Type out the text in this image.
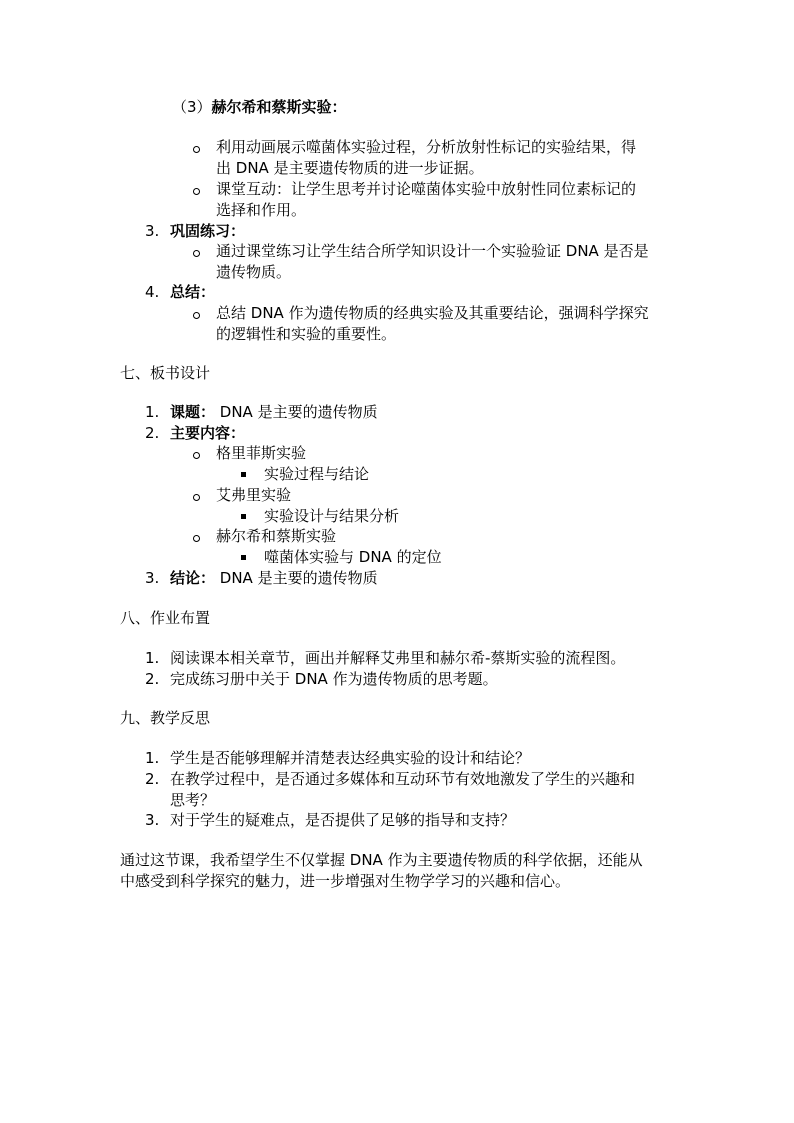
（3）赫尔希和蔡斯实验：
利用动画展示噬菌体实验过程，分析放射性标记的实验结果，得
出 DNA 是主要遗传物质的进一步证据。
课堂互动：让学生思考并讨论噬菌体实验中放射性同位素标记的
选择和作用。
3. 巩固练习：
通过课堂练习让学生结合所学知识设计一个实验验证 DNA 是否是
遗传物质。
4. 总结：
总结 DNA 作为遗传物质的经典实验及其重要结论，强调科学探究
的逻辑性和实验的重要性。
七、板书设计
1. 课题： DNA 是主要的遗传物质
2. 主要内容：
格里菲斯实验
实验过程与结论
艾弗里实验
实验设计与结果分析
赫尔希和蔡斯实验
噬菌体实验与 DNA 的定位
3. 结论： DNA 是主要的遗传物质
八、作业布置
1. 阅读课本相关章节，画出并解释艾弗里和赫尔希-蔡斯实验的流程图。
2. 完成练习册中关于 DNA 作为遗传物质的思考题。
九、教学反思
1. 学生是否能够理解并清楚表达经典实验的设计和结论？
2. 在教学过程中，是否通过多媒体和互动环节有效地激发了学生的兴趣和
思考？
3. 对于学生的疑难点，是否提供了足够的指导和支持？
通过这节课，我希望学生不仅掌握 DNA 作为主要遗传物质的科学依据，还能从
中感受到科学探究的魅力，进一步增强对生物学学习的兴趣和信心。
